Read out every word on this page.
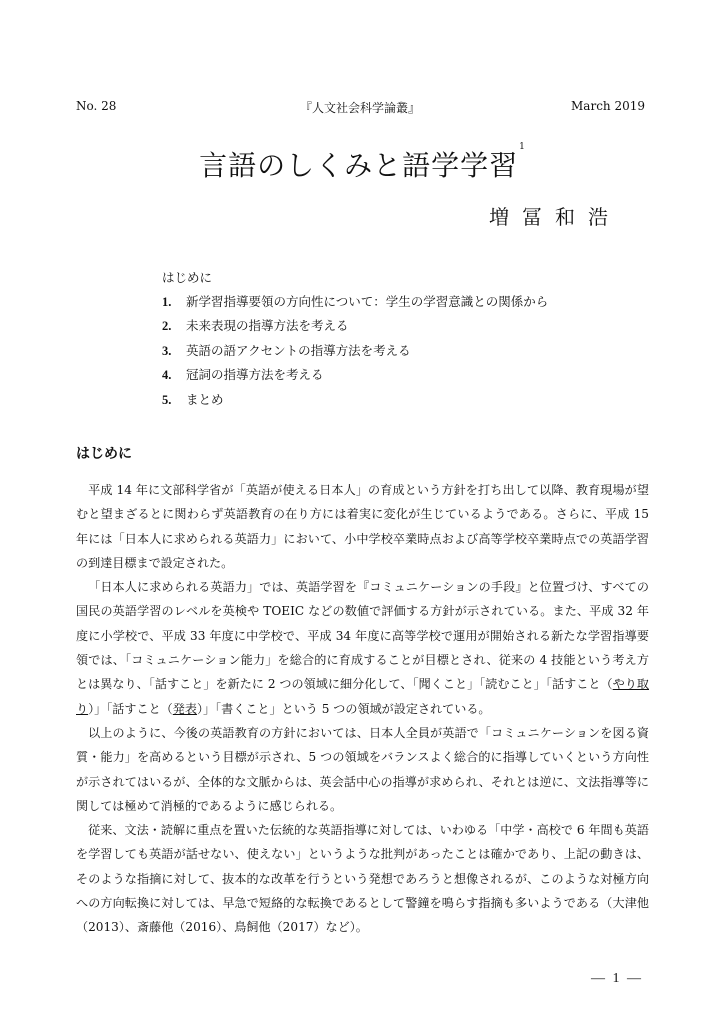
No. 28	『人文社会科学論叢』	March 2019
言語のしくみと語学学習$^1$
増冨和浩
はじめに
1. 新学習指導要領の方向性について：学生の学習意識との関係から
2. 未来表現の指導方法を考える
3. 英語の語アクセントの指導方法を考える
4. 冠詞の指導方法を考える
5. まとめ
はじめに

平成 14 年に文部科学省が「英語が使える日本人」の育成という方針を打ち出して以降、教育現場が望むと望まざるとに関わらず英語教育の在り方には着実に変化が生じているようである。さらに、平成 15 年には「日本人に求められる英語力」において、小中学校卒業時点および高等学校卒業時点での英語学習の到達目標まで設定された。

「日本人に求められる英語力」では、英語学習を『コミュニケーションの手段』と位置づけ、すべての国民の英語学習のレベルを英検や TOEIC などの数値で評価する方針が示されている。また、平成 32 年度に小学校で、平成 33 年度に中学校で、平成 34 年度に高等学校で運用が開始される新たな学習指導要領では、「コミュニケーション能力」を総合的に育成することが目標とされ、従来の 4 技能という考え方とは異なり、「話すこと」を新たに 2 つの領域に細分化して、「聞くこと」「読むこと」「話すこと（やり取り）」「話すこと（発表）」「書くこと」という 5 つの領域が設定されている。

以上のように、今後の英語教育の方針においては、日本人全員が英語で「コミュニケーションを図る資質・能力」を高めるという目標が示され、5 つの領域をバランスよく総合的に指導していくという方向性が示されてはいるが、全体的な文脈からは、英会話中心の指導が求められ、それとは逆に、文法指導等に関しては極めて消極的であるように感じられる。

従来、文法・読解に重点を置いた伝統的な英語指導に対しては、いわゆる「中学・高校で 6 年間も英語を学習しても英語が話せない、使えない」というような批判があったことは確かであり、上記の動きは、そのような指摘に対して、抜本的な改革を行うという発想であろうと想像されるが、このような対極方向への方向転換に対しては、早急で短絡的な転換であるとして警鐘を鳴らす指摘も多いようである（大津他（2013）、斎藤他（2016）、鳥飼他（2017）など）。

— 1 —
